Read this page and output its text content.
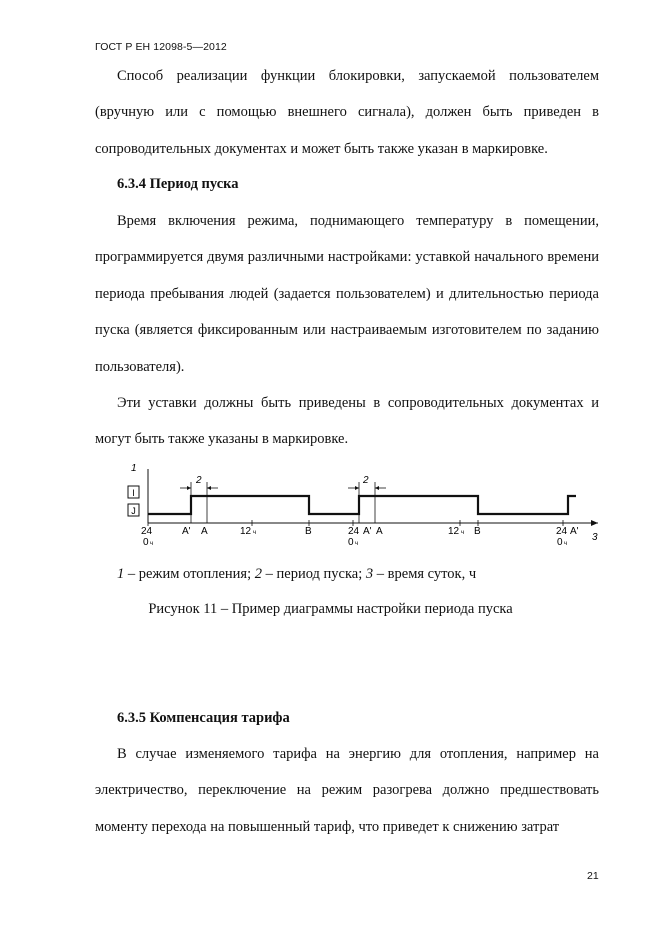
ГОСТ Р ЕН 12098-5—2012

Способ реализации функции блокировки, запускаемой пользователем (вручную или с помощью внешнего сигнала), должен быть приведен в сопроводительных документах и может быть также указан в маркировке.

6.3.4 Период пуска

Время включения режима, поднимающего температуру в помещении, программируется двумя различными настройками: уставкой начального времени периода пребывания людей (задается пользователем) и длительностью периода пуска (является фиксированным или настраиваемым изготовителем по заданию пользователя).

Эти уставки должны быть приведены в сопроводительных документах и могут быть также указаны в маркировке.

1
I
J
3
2	2
24
0 ч
A' A	12 ч	B	24
0 ч
A' A	12 ч B	24 A'
0 ч
1 – режим отопления; 2 – период пуска; 3 – время суток, ч
Рисунок 11 – Пример диаграммы настройки периода пуска

6.3.5 Компенсация тарифа

В случае изменяемого тарифа на энергию для отопления, например на электричество, переключение на режим разогрева должно предшествовать моменту перехода на повышенный тариф, что приведет к снижению затрат

21
